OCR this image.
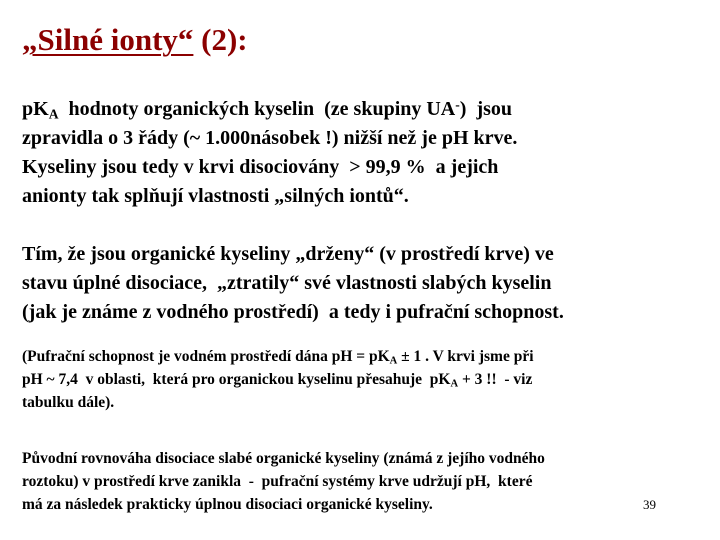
„Silné ionty“ (2):
$pK_A$  hodnoty organických kyselin  (ze skupiny UA-)  jsou
zpravidla o 3 řády (~ 1.000násobek !) nižší než je pH krve.
Kyseliny jsou tedy v krvi disociovány  > 99,9 %  a jejich
anionty tak splňují vlastnosti „silných iontů“.
Tím, že jsou organické kyseliny „drženy“ (v prostředí krve) ve
stavu úplné disociace,  „ztratily“ své vlastnosti slabých kyselin
(jak je známe z vodného prostředí)  a tedy i pufrační schopnost.
(Pufrační schopnost je vodném prostředí dána pH = $pK_A \pm 1$ . V krvi jsme při
pH ~ 7,4  v oblasti,  která pro organickou kyselinu přesahuje  $pK_A + 3$ !!  - viz
tabulku dále).
Původní rovnováha disociace slabé organické kyseliny (známá z jejího vodného
roztoku) v prostředí krve zanikla  -  pufrační systémy krve udržují pH,  které
má za následek prakticky úplnou disociaci organické kyseliny.	39
